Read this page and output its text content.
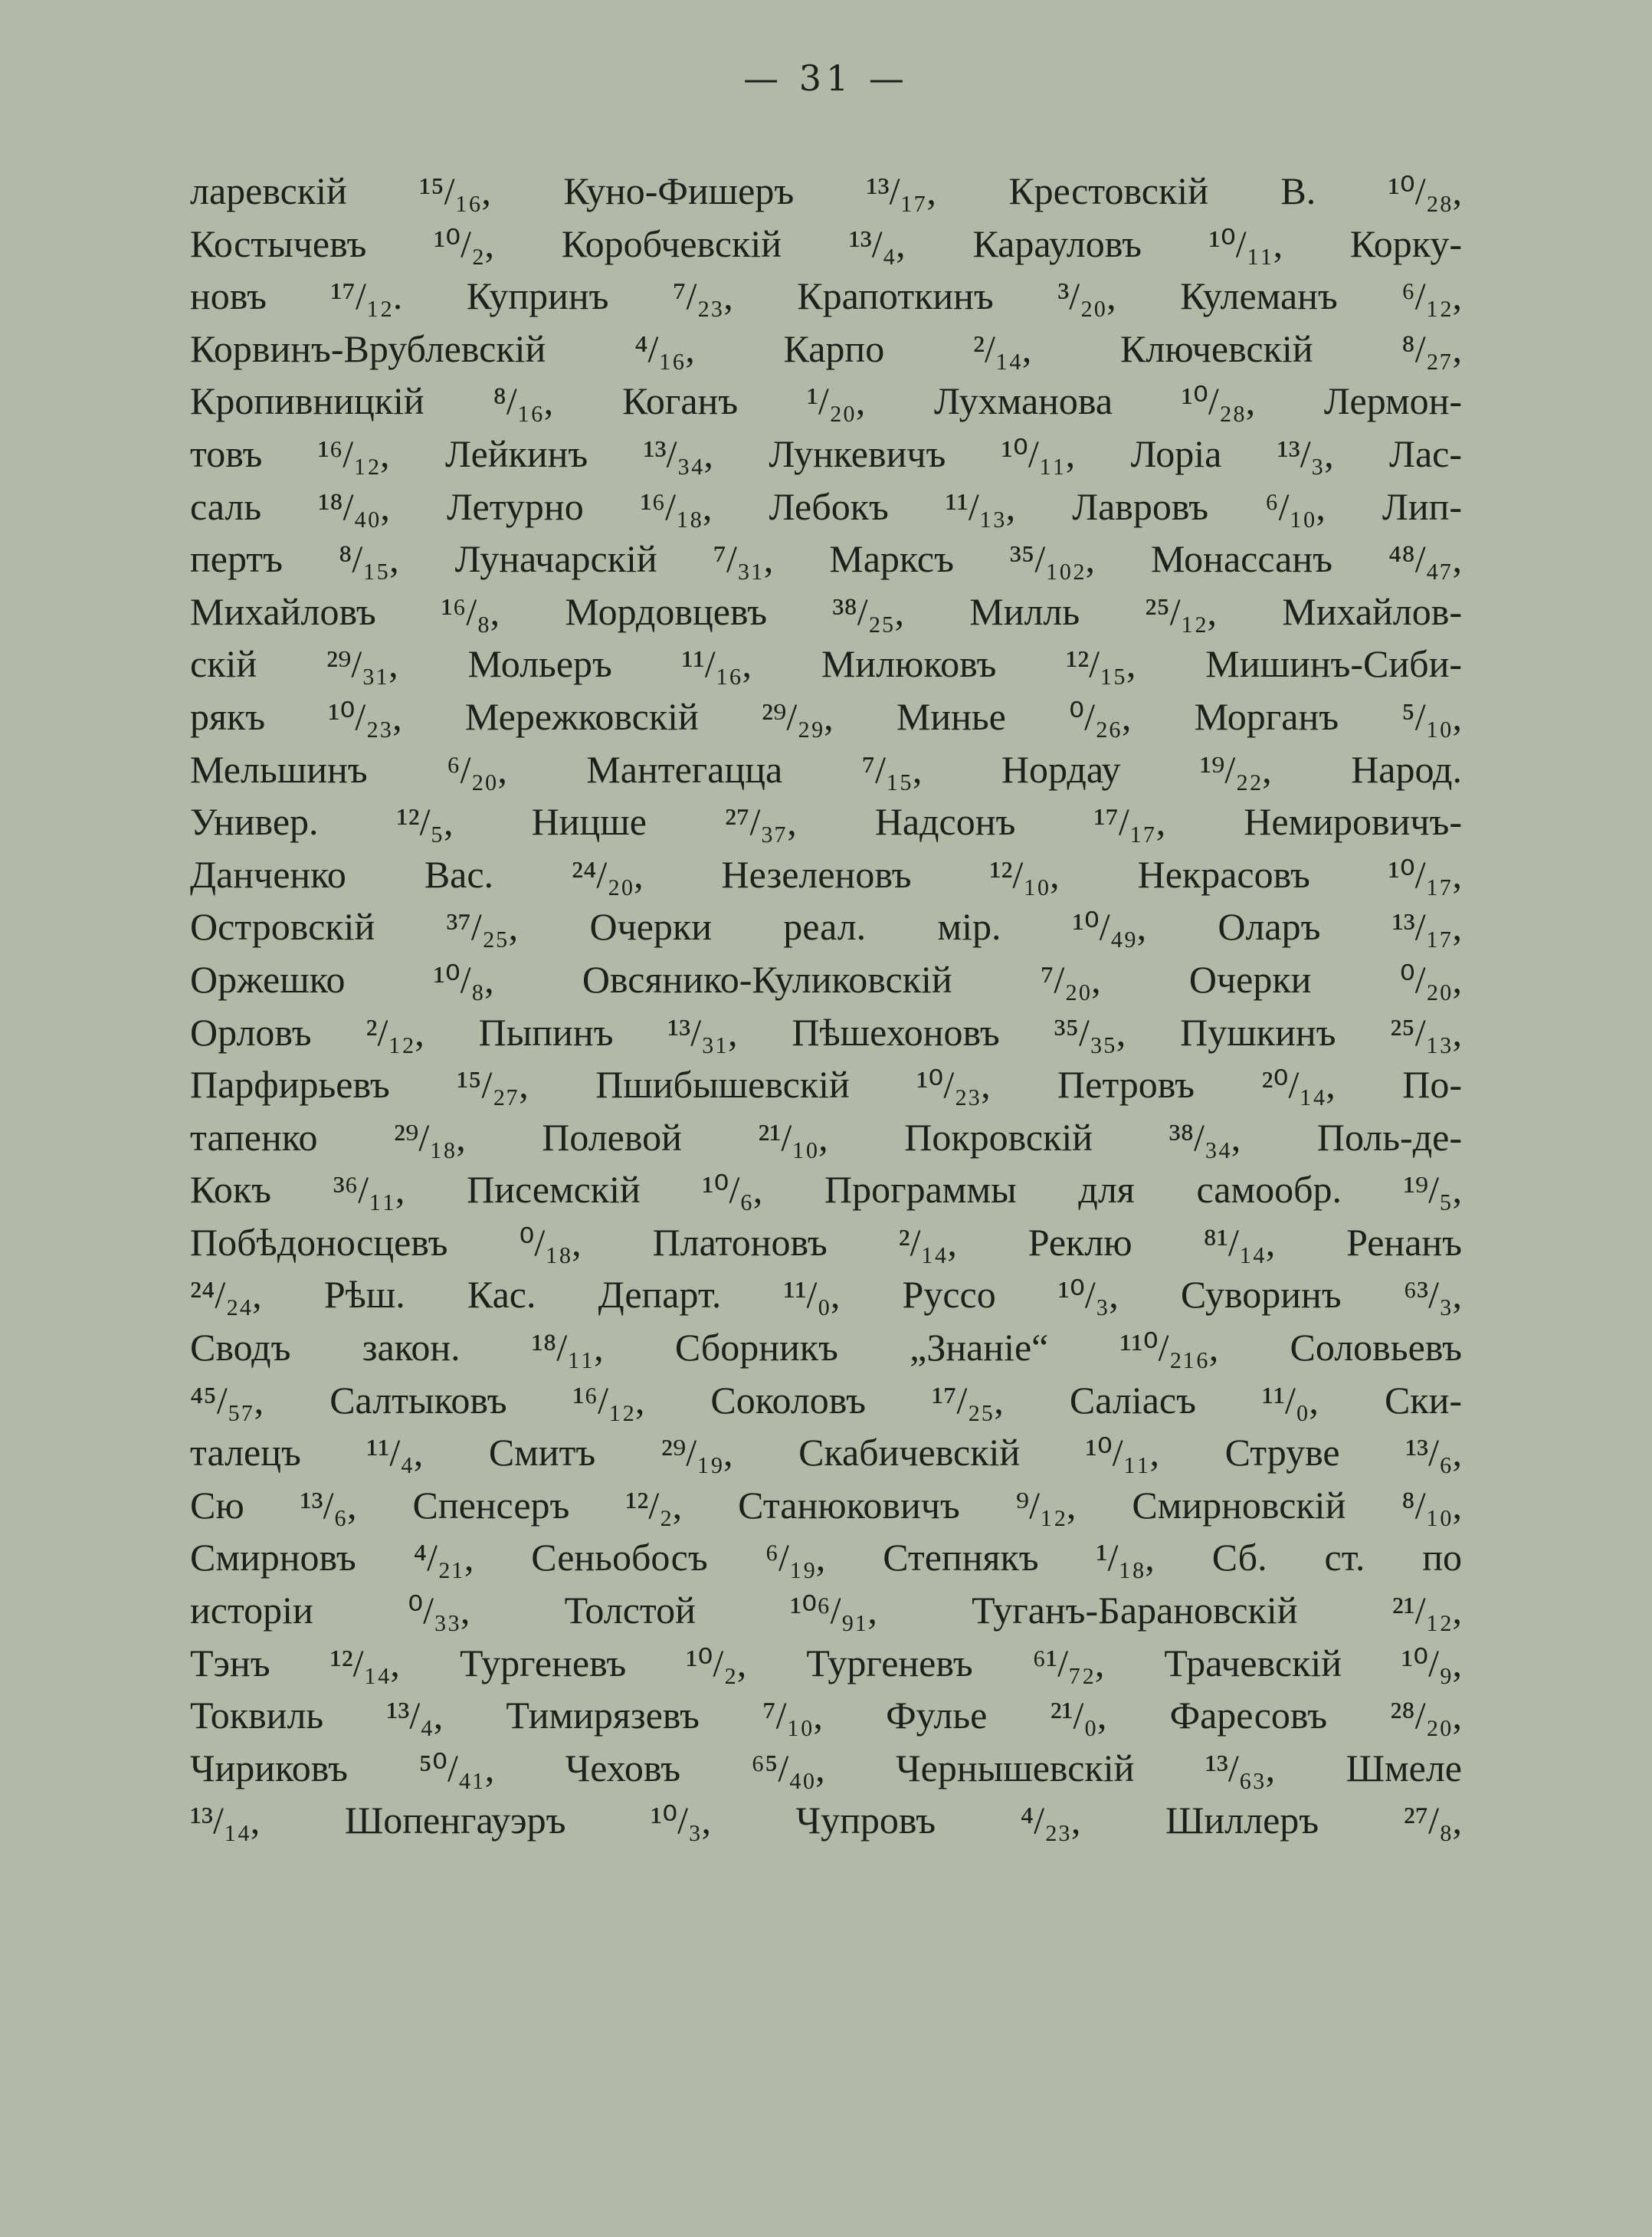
— 31 —
ларевскій ¹⁵/₁₆, Куно-Фишеръ ¹³/₁₇, Крестовскій В. ¹⁰/₂₈,
Костычевъ ¹⁰/₂, Коробчевскій ¹³/₄, Карауловъ ¹⁰/₁₁, Корку-
новъ ¹⁷/₁₂. Купринъ ⁷/₂₃, Крапоткинъ ³/₂₀, Кулеманъ ⁶/₁₂,
Корвинъ-Врублевскій ⁴/₁₆, Карпо ²/₁₄, Ключевскій ⁸/₂₇,
Кропивницкій ⁸/₁₆, Коганъ ¹/₂₀, Лухманова ¹⁰/₂₈, Лермон-
товъ ¹⁶/₁₂, Лейкинъ ¹³/₃₄, Лункевичъ ¹⁰/₁₁, Лоріа ¹³/₃, Лас-
саль ¹⁸/₄₀, Летурно ¹⁶/₁₈, Лебокъ ¹¹/₁₃, Лавровъ ⁶/₁₀, Лип-
пертъ ⁸/₁₅, Луначарскій ⁷/₃₁, Марксъ ³⁵/₁₀₂, Монассанъ ⁴⁸/₄₇,
Михайловъ ¹⁶/₈, Мордовцевъ ³⁸/₂₅, Милль ²⁵/₁₂, Михайлов-
скій ²⁹/₃₁, Мольеръ ¹¹/₁₆, Милюковъ ¹²/₁₅, Мишинъ-Сиби-
рякъ ¹⁰/₂₃, Мережковскій ²⁹/₂₉, Минье ⁰/₂₆, Морганъ ⁵/₁₀,
Мельшинъ ⁶/₂₀, Мантегацца ⁷/₁₅, Нордау ¹⁹/₂₂, Народ.
Универ. ¹²/₅, Ницше ²⁷/₃₇, Надсонъ ¹⁷/₁₇, Немировичъ-
Данченко Вас. ²⁴/₂₀, Незеленовъ ¹²/₁₀, Некрасовъ ¹⁰/₁₇,
Островскій ³⁷/₂₅, Очерки реал. мір. ¹⁰/₄₉, Оларъ ¹³/₁₇,
Оржешко ¹⁰/₈, Овсянико-Куликовскій ⁷/₂₀, Очерки ⁰/₂₀,
Орловъ ²/₁₂, Пыпинъ ¹³/₃₁, Пѣшехоновъ ³⁵/₃₅, Пушкинъ ²⁵/₁₃,
Парфирьевъ ¹⁵/₂₇, Пшибышевскій ¹⁰/₂₃, Петровъ ²⁰/₁₄, По-
тапенко ²⁹/₁₈, Полевой ²¹/₁₀, Покровскій ³⁸/₃₄, Поль-де-
Кокъ ³⁶/₁₁, Писемскій ¹⁰/₆, Программы для самообр. ¹⁹/₅,
Побѣдоносцевъ ⁰/₁₈, Платоновъ ²/₁₄, Реклю ⁸¹/₁₄, Ренанъ
²⁴/₂₄, Рѣш. Кас. Департ. ¹¹/₀, Руссо ¹⁰/₃, Суворинъ ⁶³/₃,
Сводъ закон. ¹⁸/₁₁, Сборникъ „Знаніе“ ¹¹⁰/₂₁₆, Соловьевъ
⁴⁵/₅₇, Салтыковъ ¹⁶/₁₂, Соколовъ ¹⁷/₂₅, Саліасъ ¹¹/₀, Ски-
талецъ ¹¹/₄, Смитъ ²⁹/₁₉, Скабичевскій ¹⁰/₁₁, Струве ¹³/₆,
Сю ¹³/₆, Спенсеръ ¹²/₂, Станюковичъ ⁹/₁₂, Смирновскій ⁸/₁₀,
Смирновъ ⁴/₂₁, Сеньобосъ ⁶/₁₉, Степнякъ ¹/₁₈, Сб. ст. по
исторіи ⁰/₃₃, Толстой ¹⁰⁶/₉₁, Туганъ-Барановскій ²¹/₁₂,
Тэнъ ¹²/₁₄, Тургеневъ ¹⁰/₂, Тургеневъ ⁶¹/₇₂, Трачевскій ¹⁰/₉,
Токвиль ¹³/₄, Тимирязевъ ⁷/₁₀, Фулье ²¹/₀, Фаресовъ ²⁸/₂₀,
Чириковъ ⁵⁰/₄₁, Чеховъ ⁶⁵/₄₀, Чернышевскій ¹³/₆₃, Шмеле
¹³/₁₄, Шопенгауэръ ¹⁰/₃, Чупровъ ⁴/₂₃, Шиллеръ ²⁷/₈,
